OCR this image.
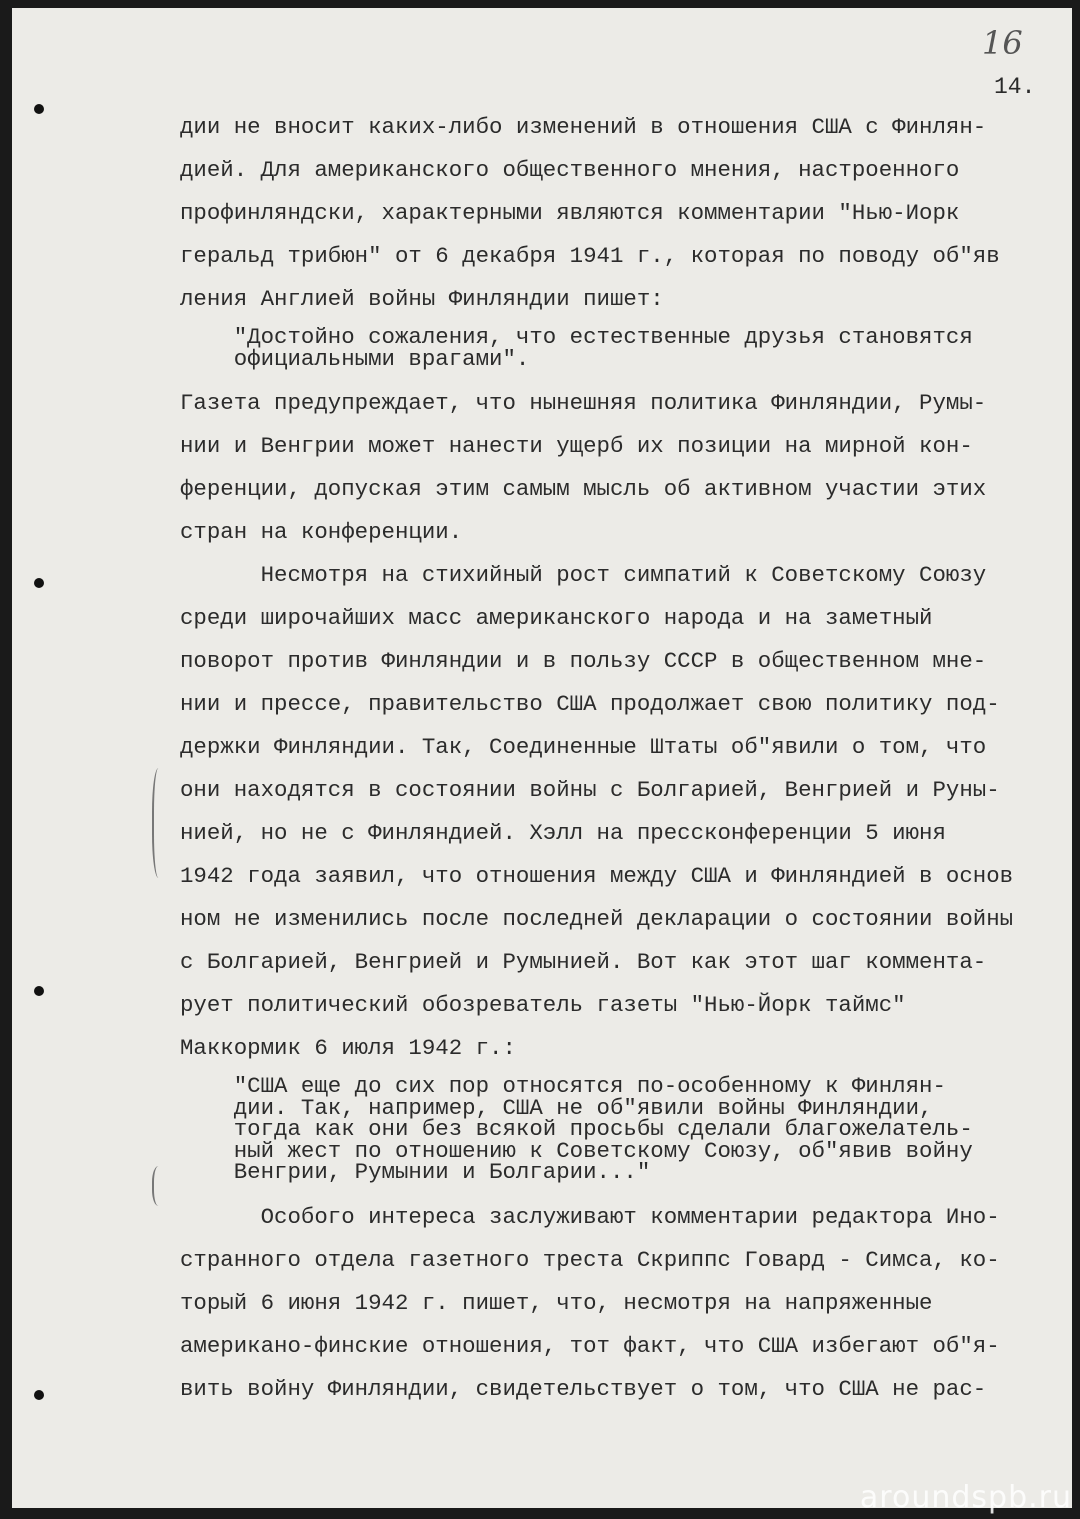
16
14.
дии не вносит каких-либо изменений в отношения США с Финлян-
дией. Для американского общественного мнения, настроенного
профинляндски, характерными являются комментарии "Нью-Иорк
геральд трибюн" от 6 декабря 1941 г., которая по поводу об"яв
ления Англией войны Финляндии пишет:
"Достойно сожаления, что естественные друзья становятся
официальными врагами".
Газета предупреждает, что нынешняя политика Финляндии, Румы-
нии и Венгрии может нанести ущерб их позиции на мирной кон-
ференции, допуская этим самым мысль об активном участии этих
стран на конференции.
Несмотря на стихийный рост симпатий к Советскому Союзу
среди широчайших масс американского народа и на заметный
поворот против Финляндии и в пользу СССР в общественном мне-
нии и прессе, правительство США продолжает свою политику под-
держки Финляндии. Так, Соединенные Штаты об"явили о том, что
они находятся в состоянии войны с Болгарией, Венгрией и Руны-
нией, но не с Финляндией. Хэлл на прессконференции 5 июня
1942 года заявил, что отношения между США и Финляндией в основ
ном не изменились после последней декларации о состоянии войны
с Болгарией, Венгрией и Румынией. Вот как этот шаг коммента-
рует политический обозреватель газеты "Нью-Йорк таймс"
Маккормик 6 июля 1942 г.:
"США еще до сих пор относятся по-особенному к Финлян-
дии. Так, например, США не об"явили войны Финляндии,
тогда как они без всякой просьбы сделали благожелатель-
ный жест по отношению к Советскому Союзу, об"явив войну
Венгрии, Румынии и Болгарии..."
Особого интереса заслуживают комментарии редактора Ино-
странного отдела газетного треста Скриппс Говард - Симса, ко-
торый 6 июня 1942 г. пишет, что, несмотря на напряженные
американо-финские отношения, тот факт, что США избегают об"я-
вить войну Финляндии, свидетельствует о том, что США не рас-
aroundspb.ru
